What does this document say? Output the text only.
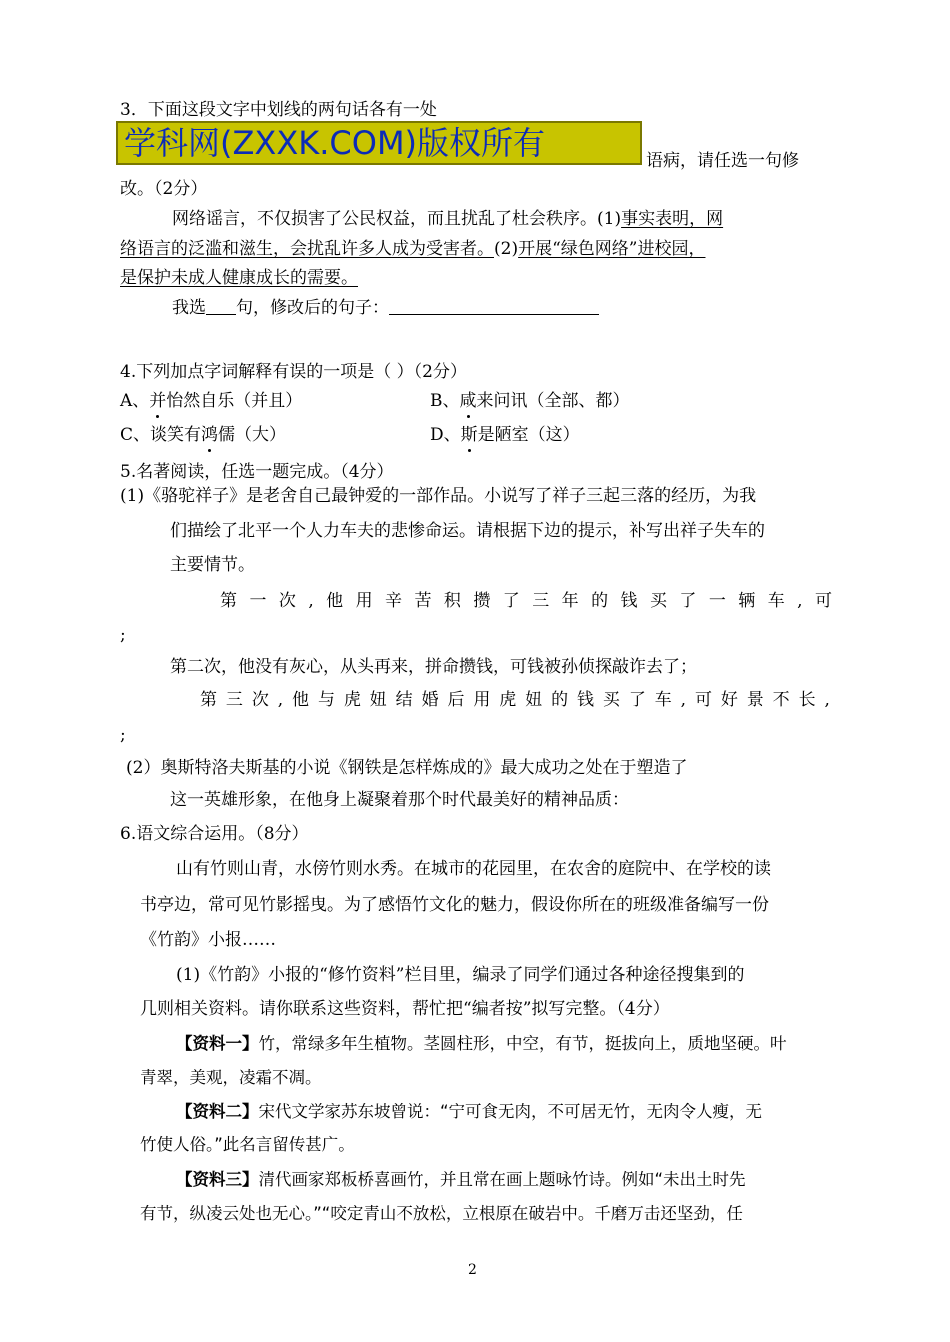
3．下面这段文字中划线的两句话各有一处
学科网(ZXXK.COM)版权所有	语病，请任选一句修
改。（2分）
网络谣言，不仅损害了公民权益，而且扰乱了杜会秩序。(1)事实表明，网
络语言的泛滥和滋生，会扰乱许多人成为受害者。(2)开展“绿色网络”进校园，
是保护未成人健康成长的需要。
我选 句，修改后的句子：
4.下列加点字词解释有误的一项是（ ）（2分）
A、并怡然自乐（并且）	B、咸来问讯（全部、都）
C、谈笑有鸿儒（大）	D、斯是陋室（这）
5.名著阅读，任选一题完成。（4分）
(1)《骆驼祥子》是老舍自己最钟爱的一部作品。小说写了祥子三起三落的经历，为我
们描绘了北平一个人力车夫的悲惨命运。请根据下边的提示，补写出祥子失车的
主要情节。
第 一 次 , 他 用 辛 苦 积 攒 了 三 年 的 钱 买 了 一 辆 车 , 可
;
第二次，他没有灰心，从头再来，拼命攒钱，可钱被孙侦探敲诈去了；
第 三 次 , 他 与 虎 妞 结 婚 后 用 虎 妞 的 钱 买 了 车 , 可 好 景 不 长 ,
;
(2）奥斯特洛夫斯基的小说《钢铁是怎样炼成的》最大成功之处在于塑造了
这一英雄形象，在他身上凝聚着那个时代最美好的精神品质：
6.语文综合运用。（8分）
山有竹则山青，水傍竹则水秀。在城市的花园里，在农舍的庭院中、在学校的读
书亭边，常可见竹影摇曳。为了感悟竹文化的魅力，假设你所在的班级准备编写一份
《竹韵》小报……
(1)《竹韵》小报的“修竹资料”栏目里，编录了同学们通过各种途径搜集到的
几则相关资料。请你联系这些资料，帮忙把“编者按”拟写完整。（4分）
【资料一】竹，常绿多年生植物。茎圆柱形，中空，有节，挺拔向上，质地坚硬。叶
青翠，美观，凌霜不凋。
【资料二】宋代文学家苏东坡曾说：“宁可食无肉，不可居无竹，无肉令人瘦，无
竹使人俗。”此名言留传甚广。
【资料三】清代画家郑板桥喜画竹，并且常在画上题咏竹诗。例如“未出土时先
有节，纵凌云处也无心。”“咬定青山不放松，立根原在破岩中。千磨万击还坚劲，任
2
